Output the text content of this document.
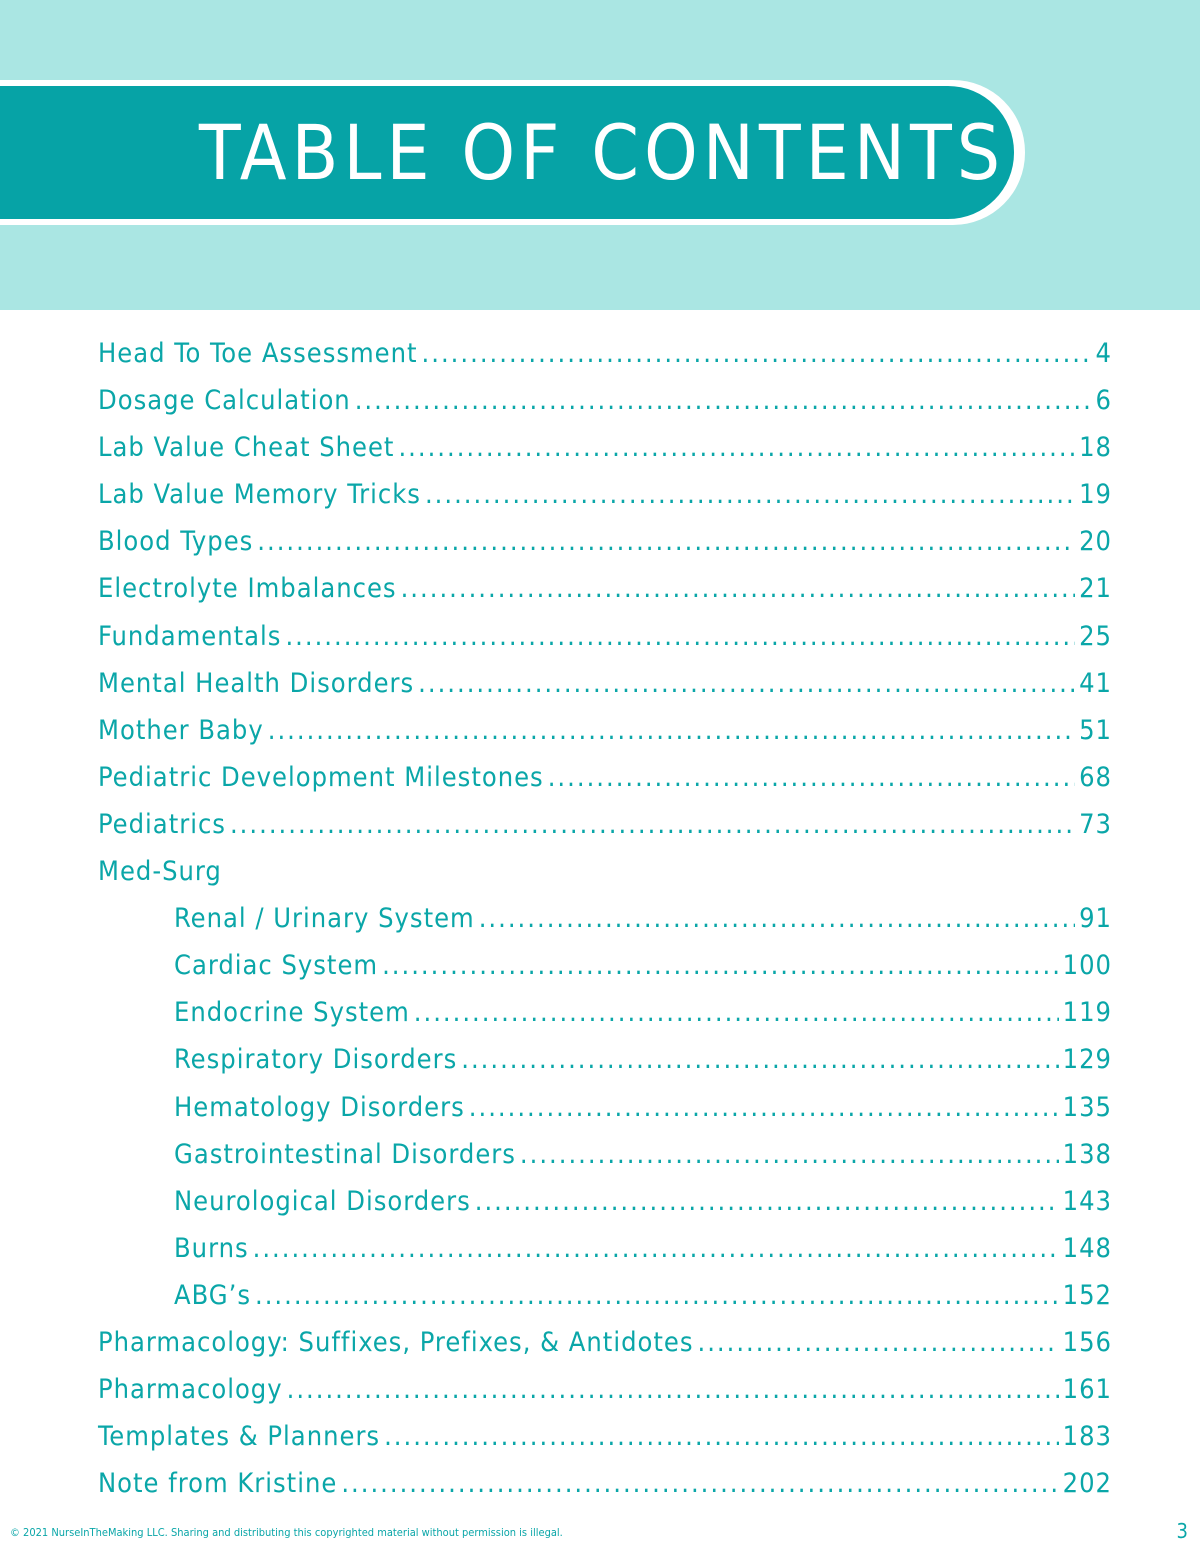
TABLE OF CONTENTS
Head To Toe Assessment .....	4
Dosage Calculation .....	6
Lab Value Cheat Sheet .....	18
Lab Value Memory Tricks .....	19
Blood Types .....	20
Electrolyte Imbalances .....	21
Fundamentals .....	25
Mental Health Disorders .....	41
Mother Baby .....	51
Pediatric Development Milestones .....	68
Pediatrics .....	73
Med-Surg
Renal / Urinary System .....	91
Cardiac System .....	100
Endocrine System .....	119
Respiratory Disorders .....	129
Hematology Disorders .....	135
Gastrointestinal Disorders .....	138
Neurological Disorders .....	143
Burns .....	148
ABG’s .....	152
Pharmacology: Suffixes, Prefixes, & Antidotes .....	156
Pharmacology .....	161
Templates & Planners .....	183
Note from Kristine .....	202
© 2021 NurseInTheMaking LLC. Sharing and distributing this copyrighted material without permission is illegal.	3
